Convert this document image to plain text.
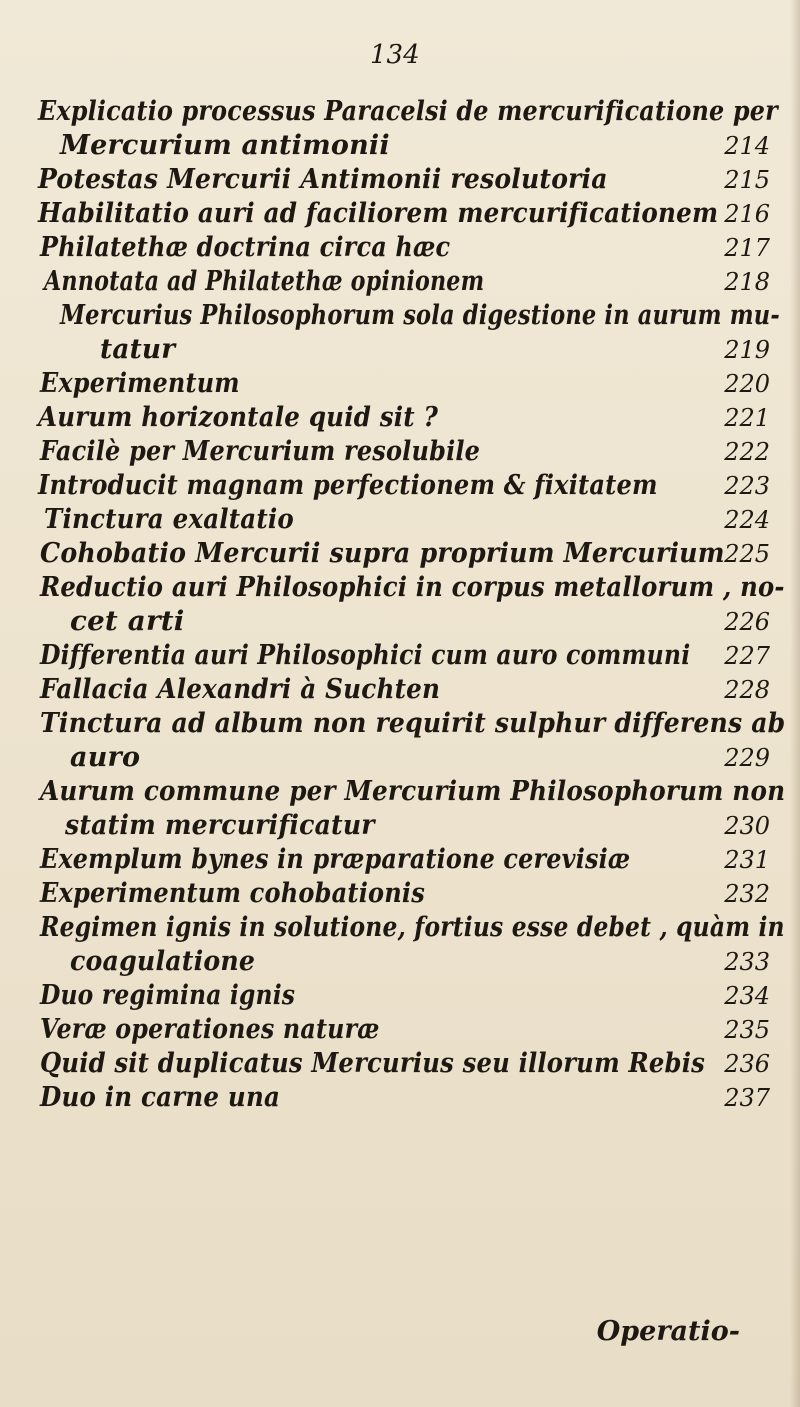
134
Explicatio processus Paracelsi de mercurificatione per
Mercurium antimonii	214
Potestas Mercurii Antimonii resolutoria	215
Habilitatio auri ad faciliorem mercurificationem 216
Philatethæ doctrina circa hæc	217
Annotata ad Philatethæ opinionem	218
Mercurius Philosophorum sola digestione in aurum mu-
tatur	219
Experimentum	220
Aurum horizontale quid sit ?	221
Facilè per Mercurium resolubile	222
Introducit magnam perfectionem & fixitatem	223
Tinctura exaltatio	224
Cohobatio Mercurii supra proprium Mercurium 225
Reductio auri Philosophici in corpus metallorum , no-
cet arti	226
Differentia auri Philosophici cum auro communi 227
Fallacia Alexandri à Suchten	228
Tinctura ad album non requirit sulphur differens ab
auro	229
Aurum commune per Mercurium Philosophorum non
statim mercurificatur	230
Exemplum bynes in præparatione cerevisiæ	231
Experimentum cohobationis	232
Regimen ignis in solutione, fortius esse debet , quàm in
coagulatione	233
Duo regimina ignis	234
Veræ operationes naturæ	235
Quid sit duplicatus Mercurius seu illorum Rebis 236
Duo in carne una	237
Operatio-
